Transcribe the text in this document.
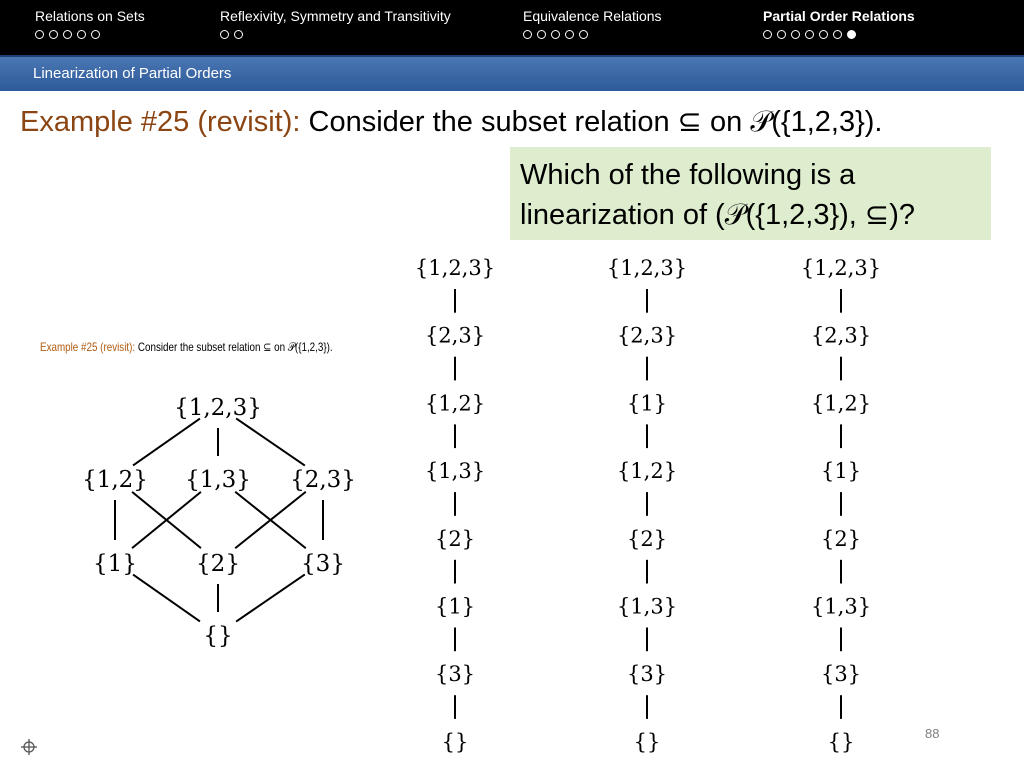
Relations on Sets	Reflexivity, Symmetry and Transitivity	Equivalence Relations	Partial Order Relations
Linearization of Partial Orders
Example #25 (revisit): Consider the subset relation ⊆ on 𝒫({1,2,3}).
Which of the following is a
linearization of (𝒫({1,2,3}), ⊆)?
Example #25 (revisit): Consider the subset relation ⊆ on 𝒫({1,2,3}).
{1,2,3}
{1,2} {1,3} {2,3}
{1}	{2}	{3}
{}
{1,2,3}
{2,3}
{1,2}
{1,3}
{2}
{1}
{3}
{}
{1,2,3}
{2,3}
{1}
{1,2}
{2}
{1,3}
{3}
{}
{1,2,3}
{2,3}
{1,2}
{1}
{2}
{1,3}
{3}
{}	88
